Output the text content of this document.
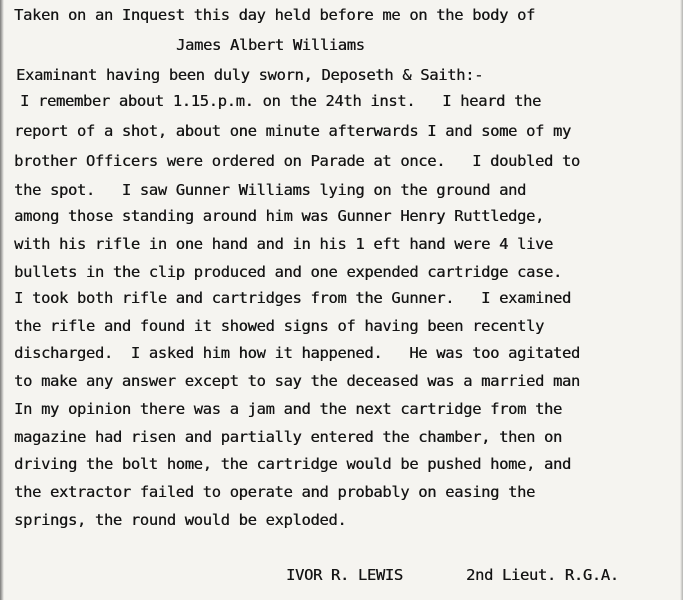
Taken on an Inquest this day held before me on the body of

James Albert Williams

Examinant having been duly sworn, Deposeth & Saith:-

I remember about 1.15.p.m. on the 24th inst.   I heard the

report of a shot, about one minute afterwards I and some of my

brother Officers were ordered on Parade at once.   I doubled to

the spot.   I saw Gunner Williams lying on the ground and

among those standing around him was Gunner Henry Ruttledge,

with his rifle in one hand and in his 1 eft hand were 4 live

bullets in the clip produced and one expended cartridge case.

I took both rifle and cartridges from the Gunner.   I examined

the rifle and found it showed signs of having been recently

discharged.  I asked him how it happened.   He was too agitated

to make any answer except to say the deceased was a married man

In my opinion there was a jam and the next cartridge from the

magazine had risen and partially entered the chamber, then on

driving the bolt home, the cartridge would be pushed home, and

the extractor failed to operate and probably on easing the

springs, the round would be exploded.

IVOR R. LEWIS

	2nd Lieut. R.G.A.
